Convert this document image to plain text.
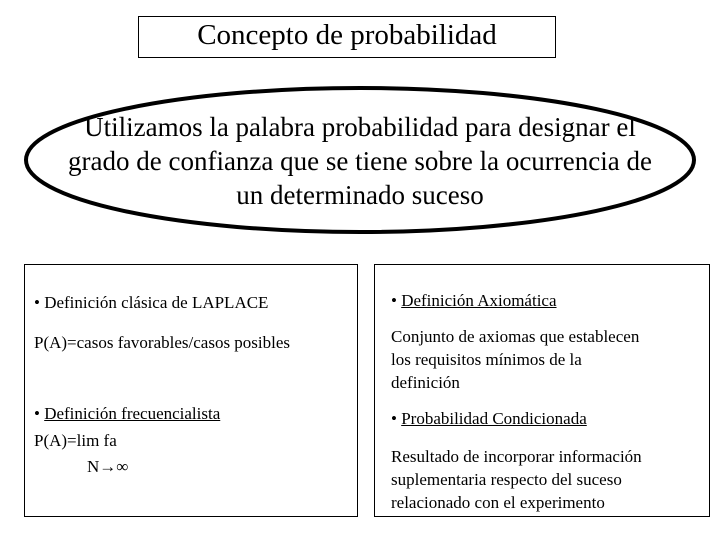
Concepto de probabilidad
Utilizamos la palabra probabilidad para designar el
grado de confianza que se tiene sobre la ocurrencia de
un determinado suceso
• Definición clásica de LAPLACE
P(A)=casos favorables/casos posibles
• Definición frecuencialista
P(A)=lim fa
N→∞
• Definición Axiomática
Conjunto de axiomas que establecen
los requisitos mínimos de la
definición
• Probabilidad Condicionada
Resultado de incorporar información
suplementaria respecto del suceso
relacionado con el experimento
